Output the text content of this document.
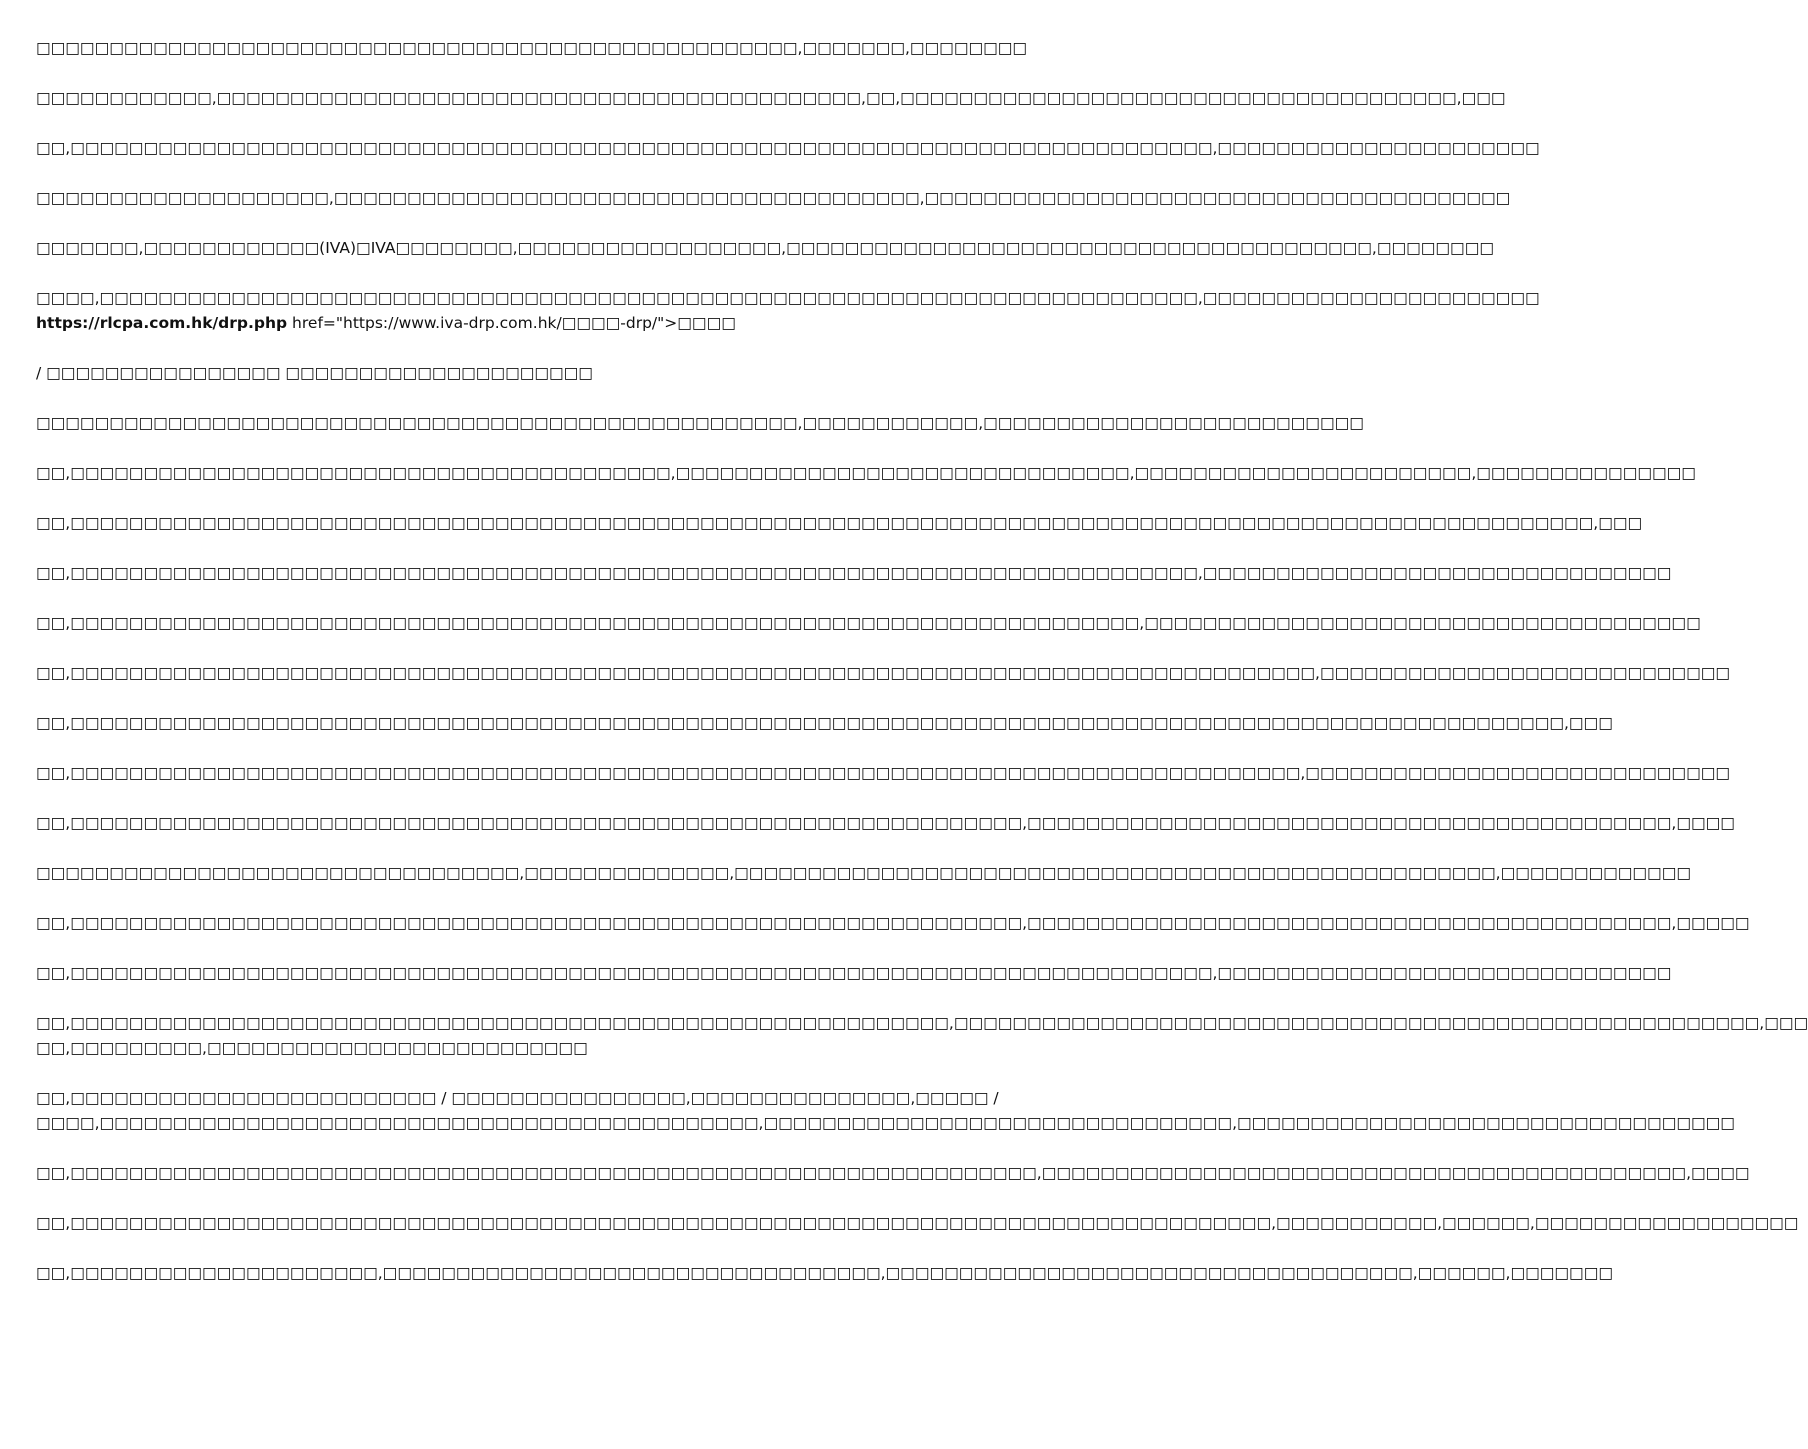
□□□□□□□□□□□□□□□□□□□□□□□□□□□□□□□□□□□□□□□□□□□□□□□□□□□□,□□□□□□□,□□□□□□□□

□□□□□□□□□□□□,□□□□□□□□□□□□□□□□□□□□□□□□□□□□□□□□□□□□□□□□□□□□,□□,□□□□□□□□□□□□□□□□□□□□□□□□□□□□□□□□□□□□□□,□□□

□□,□□□□□□□□□□□□□□□□□□□□□□□□□□□□□□□□□□□□□□□□□□□□□□□□□□□□□□□□□□□□□□□□□□□□□□□□□□□□□□,□□□□□□□□□□□□□□□□□□□□□□

□□□□□□□□□□□□□□□□□□□□,□□□□□□□□□□□□□□□□□□□□□□□□□□□□□□□□□□□□□□□□,□□□□□□□□□□□□□□□□□□□□□□□□□□□□□□□□□□□□□□□□

□□□□□□□,□□□□□□□□□□□□(IVA)□IVA□□□□□□□□,□□□□□□□□□□□□□□□□□□,□□□□□□□□□□□□□□□□□□□□□□□□□□□□□□□□□□□□□□□□,□□□□□□□□

□□□□,□□□□□□□□□□□□□□□□□□□□□□□□□□□□□□□□□□□□□□□□□□□□□□□□□□□□□□□□□□□□□□□□□□□□□□□□□□□,□□□□□□□□□□□□□□□□□□□□□□□
https://rlcpa.com.hk/drp.php href="https://www.iva-drp.com.hk/□□□□-drp/">□□□□

/ □□□□□□□□□□□□□□□□ □□□□□□□□□□□□□□□□□□□□□

□□□□□□□□□□□□□□□□□□□□□□□□□□□□□□□□□□□□□□□□□□□□□□□□□□□□,□□□□□□□□□□□□,□□□□□□□□□□□□□□□□□□□□□□□□□□

□□,□□□□□□□□□□□□□□□□□□□□□□□□□□□□□□□□□□□□□□□□□,□□□□□□□□□□□□□□□□□□□□□□□□□□□□□□□,□□□□□□□□□□□□□□□□□□□□□□□,□□□□□□□□□□□□□□□

□□,□□□□□□□□□□□□□□□□□□□□□□□□□□□□□□□□□□□□□□□□□□□□□□□□□□□□□□□□□□□□□□□□□□□□□□□□□□□□□□□□□□□□□□□□□□□□□□□□□□□□□□□□,□□□

□□,□□□□□□□□□□□□□□□□□□□□□□□□□□□□□□□□□□□□□□□□□□□□□□□□□□□□□□□□□□□□□□□□□□□□□□□□□□□□□,□□□□□□□□□□□□□□□□□□□□□□□□□□□□□□□□

□□,□□□□□□□□□□□□□□□□□□□□□□□□□□□□□□□□□□□□□□□□□□□□□□□□□□□□□□□□□□□□□□□□□□□□□□□□□,□□□□□□□□□□□□□□□□□□□□□□□□□□□□□□□□□□□□□□

□□,□□□□□□□□□□□□□□□□□□□□□□□□□□□□□□□□□□□□□□□□□□□□□□□□□□□□□□□□□□□□□□□□□□□□□□□□□□□□□□□□□□□□□,□□□□□□□□□□□□□□□□□□□□□□□□□□□□

□□,□□□□□□□□□□□□□□□□□□□□□□□□□□□□□□□□□□□□□□□□□□□□□□□□□□□□□□□□□□□□□□□□□□□□□□□□□□□□□□□□□□□□□□□□□□□□□□□□□□□□□□,□□□

□□,□□□□□□□□□□□□□□□□□□□□□□□□□□□□□□□□□□□□□□□□□□□□□□□□□□□□□□□□□□□□□□□□□□□□□□□□□□□□□□□□□□□□,□□□□□□□□□□□□□□□□□□□□□□□□□□□□□

□□,□□□□□□□□□□□□□□□□□□□□□□□□□□□□□□□□□□□□□□□□□□□□□□□□□□□□□□□□□□□□□□□□□,□□□□□□□□□□□□□□□□□□□□□□□□□□□□□□□□□□□□□□□□□□□□,□□□□

□□□□□□□□□□□□□□□□□□□□□□□□□□□□□□□□□,□□□□□□□□□□□□□□,□□□□□□□□□□□□□□□□□□□□□□□□□□□□□□□□□□□□□□□□□□□□□□□□□□□□,□□□□□□□□□□□□□

□□,□□□□□□□□□□□□□□□□□□□□□□□□□□□□□□□□□□□□□□□□□□□□□□□□□□□□□□□□□□□□□□□□□,□□□□□□□□□□□□□□□□□□□□□□□□□□□□□□□□□□□□□□□□□□□□,□□□□□

□□,□□□□□□□□□□□□□□□□□□□□□□□□□□□□□□□□□□□□□□□□□□□□□□□□□□□□□□□□□□□□□□□□□□□□□□□□□□□□□□,□□□□□□□□□□□□□□□□□□□□□□□□□□□□□□□

□□,□□□□□□□□□□□□□□□□□□□□□□□□□□□□□□□□□□□□□□□□□□□□□□□□□□□□□□□□□□□□,□□□□□□□□□□□□□□□□□□□□□□□□□□□□□□□□□□□□□□□□□□□□□□□□□□□□□□□,□□□
□□,□□□□□□□□□,□□□□□□□□□□□□□□□□□□□□□□□□□□
□□,□□□□□□□□□□□□□□□□□□□□□□□□□ / □□□□□□□□□□□□□□□□,□□□□□□□□□□□□□□□,□□□□□ /
□□□□,□□□□□□□□□□□□□□□□□□□□□□□□□□□□□□□□□□□□□□□□□□□□□,□□□□□□□□□□□□□□□□□□□□□□□□□□□□□□□□,□□□□□□□□□□□□□□□□□□□□□□□□□□□□□□□□□□

□□,□□□□□□□□□□□□□□□□□□□□□□□□□□□□□□□□□□□□□□□□□□□□□□□□□□□□□□□□□□□□□□□□□□,□□□□□□□□□□□□□□□□□□□□□□□□□□□□□□□□□□□□□□□□□□□□,□□□□

□□,□□□□□□□□□□□□□□□□□□□□□□□□□□□□□□□□□□□□□□□□□□□□□□□□□□□□□□□□□□□□□□□□□□□□□□□□□□□□□□□□□□,□□□□□□□□□□□,□□□□□□,□□□□□□□□□□□□□□□□□□

□□,□□□□□□□□□□□□□□□□□□□□□,□□□□□□□□□□□□□□□□□□□□□□□□□□□□□□□□□□,□□□□□□□□□□□□□□□□□□□□□□□□□□□□□□□□□□□□,□□□□□□,□□□□□□□
